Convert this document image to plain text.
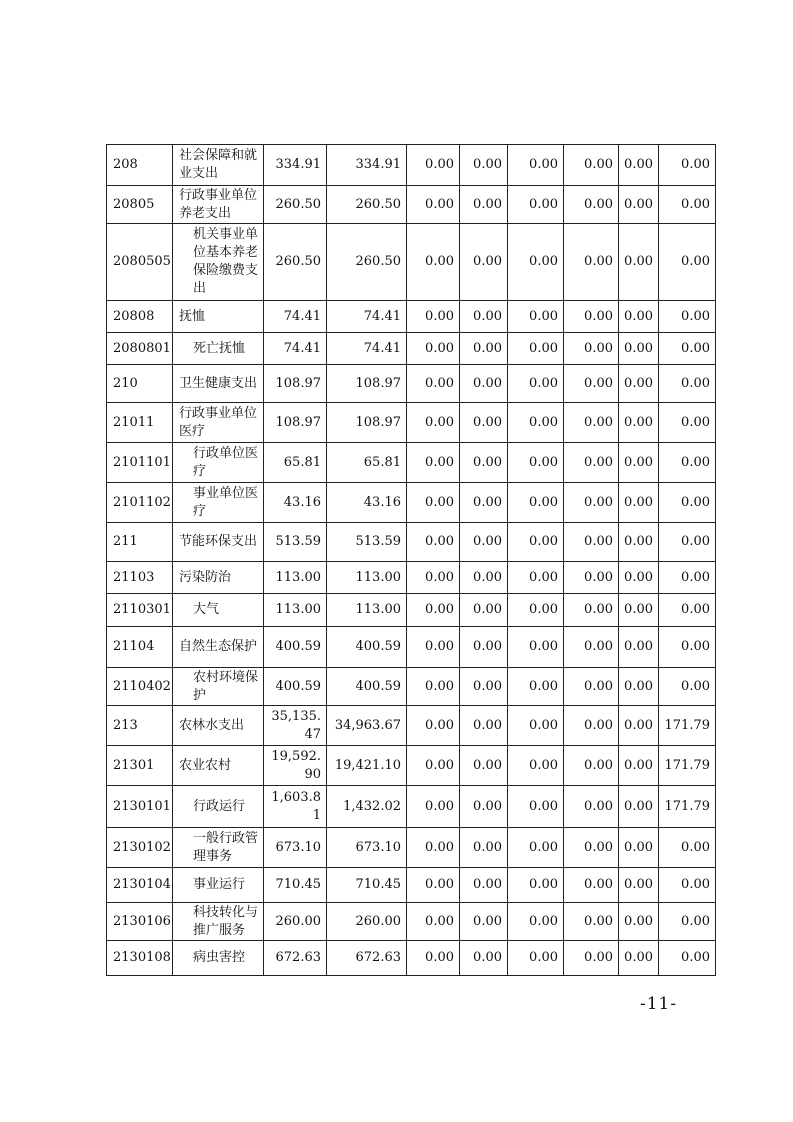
208	社会保障和就业支出	334.91	334.91	0.00	0.00	0.00	0.00	0.00	0.00
20805	行政事业单位养老支出	260.50	260.50	0.00	0.00	0.00	0.00	0.00	0.00
2080505	机关事业单位基本养老保险缴费支出	260.50	260.50	0.00	0.00	0.00	0.00	0.00	0.00
20808	抚恤	74.41	74.41	0.00	0.00	0.00	0.00	0.00	0.00
2080801	死亡抚恤	74.41	74.41	0.00	0.00	0.00	0.00	0.00	0.00
210	卫生健康支出	108.97	108.97	0.00	0.00	0.00	0.00	0.00	0.00
21011	行政事业单位医疗	108.97	108.97	0.00	0.00	0.00	0.00	0.00	0.00
2101101	行政单位医疗	65.81	65.81	0.00	0.00	0.00	0.00	0.00	0.00
2101102	事业单位医疗	43.16	43.16	0.00	0.00	0.00	0.00	0.00	0.00
211	节能环保支出	513.59	513.59	0.00	0.00	0.00	0.00	0.00	0.00
21103	污染防治	113.00	113.00	0.00	0.00	0.00	0.00	0.00	0.00
2110301	大气	113.00	113.00	0.00	0.00	0.00	0.00	0.00	0.00
21104	自然生态保护	400.59	400.59	0.00	0.00	0.00	0.00	0.00	0.00
2110402	农村环境保护	400.59	400.59	0.00	0.00	0.00	0.00	0.00	0.00
213	农林水支出	35,135.47	34,963.67	0.00	0.00	0.00	0.00	0.00	171.79
21301	农业农村	19,592.90	19,421.10	0.00	0.00	0.00	0.00	0.00	171.79
2130101	行政运行	1,603.81	1,432.02	0.00	0.00	0.00	0.00	0.00	171.79
2130102	一般行政管理事务	673.10	673.10	0.00	0.00	0.00	0.00	0.00	0.00
2130104	事业运行	710.45	710.45	0.00	0.00	0.00	0.00	0.00	0.00
2130106	科技转化与推广服务	260.00	260.00	0.00	0.00	0.00	0.00	0.00	0.00
2130108	病虫害控	672.63	672.63	0.00	0.00	0.00	0.00	0.00	0.00
-11-
